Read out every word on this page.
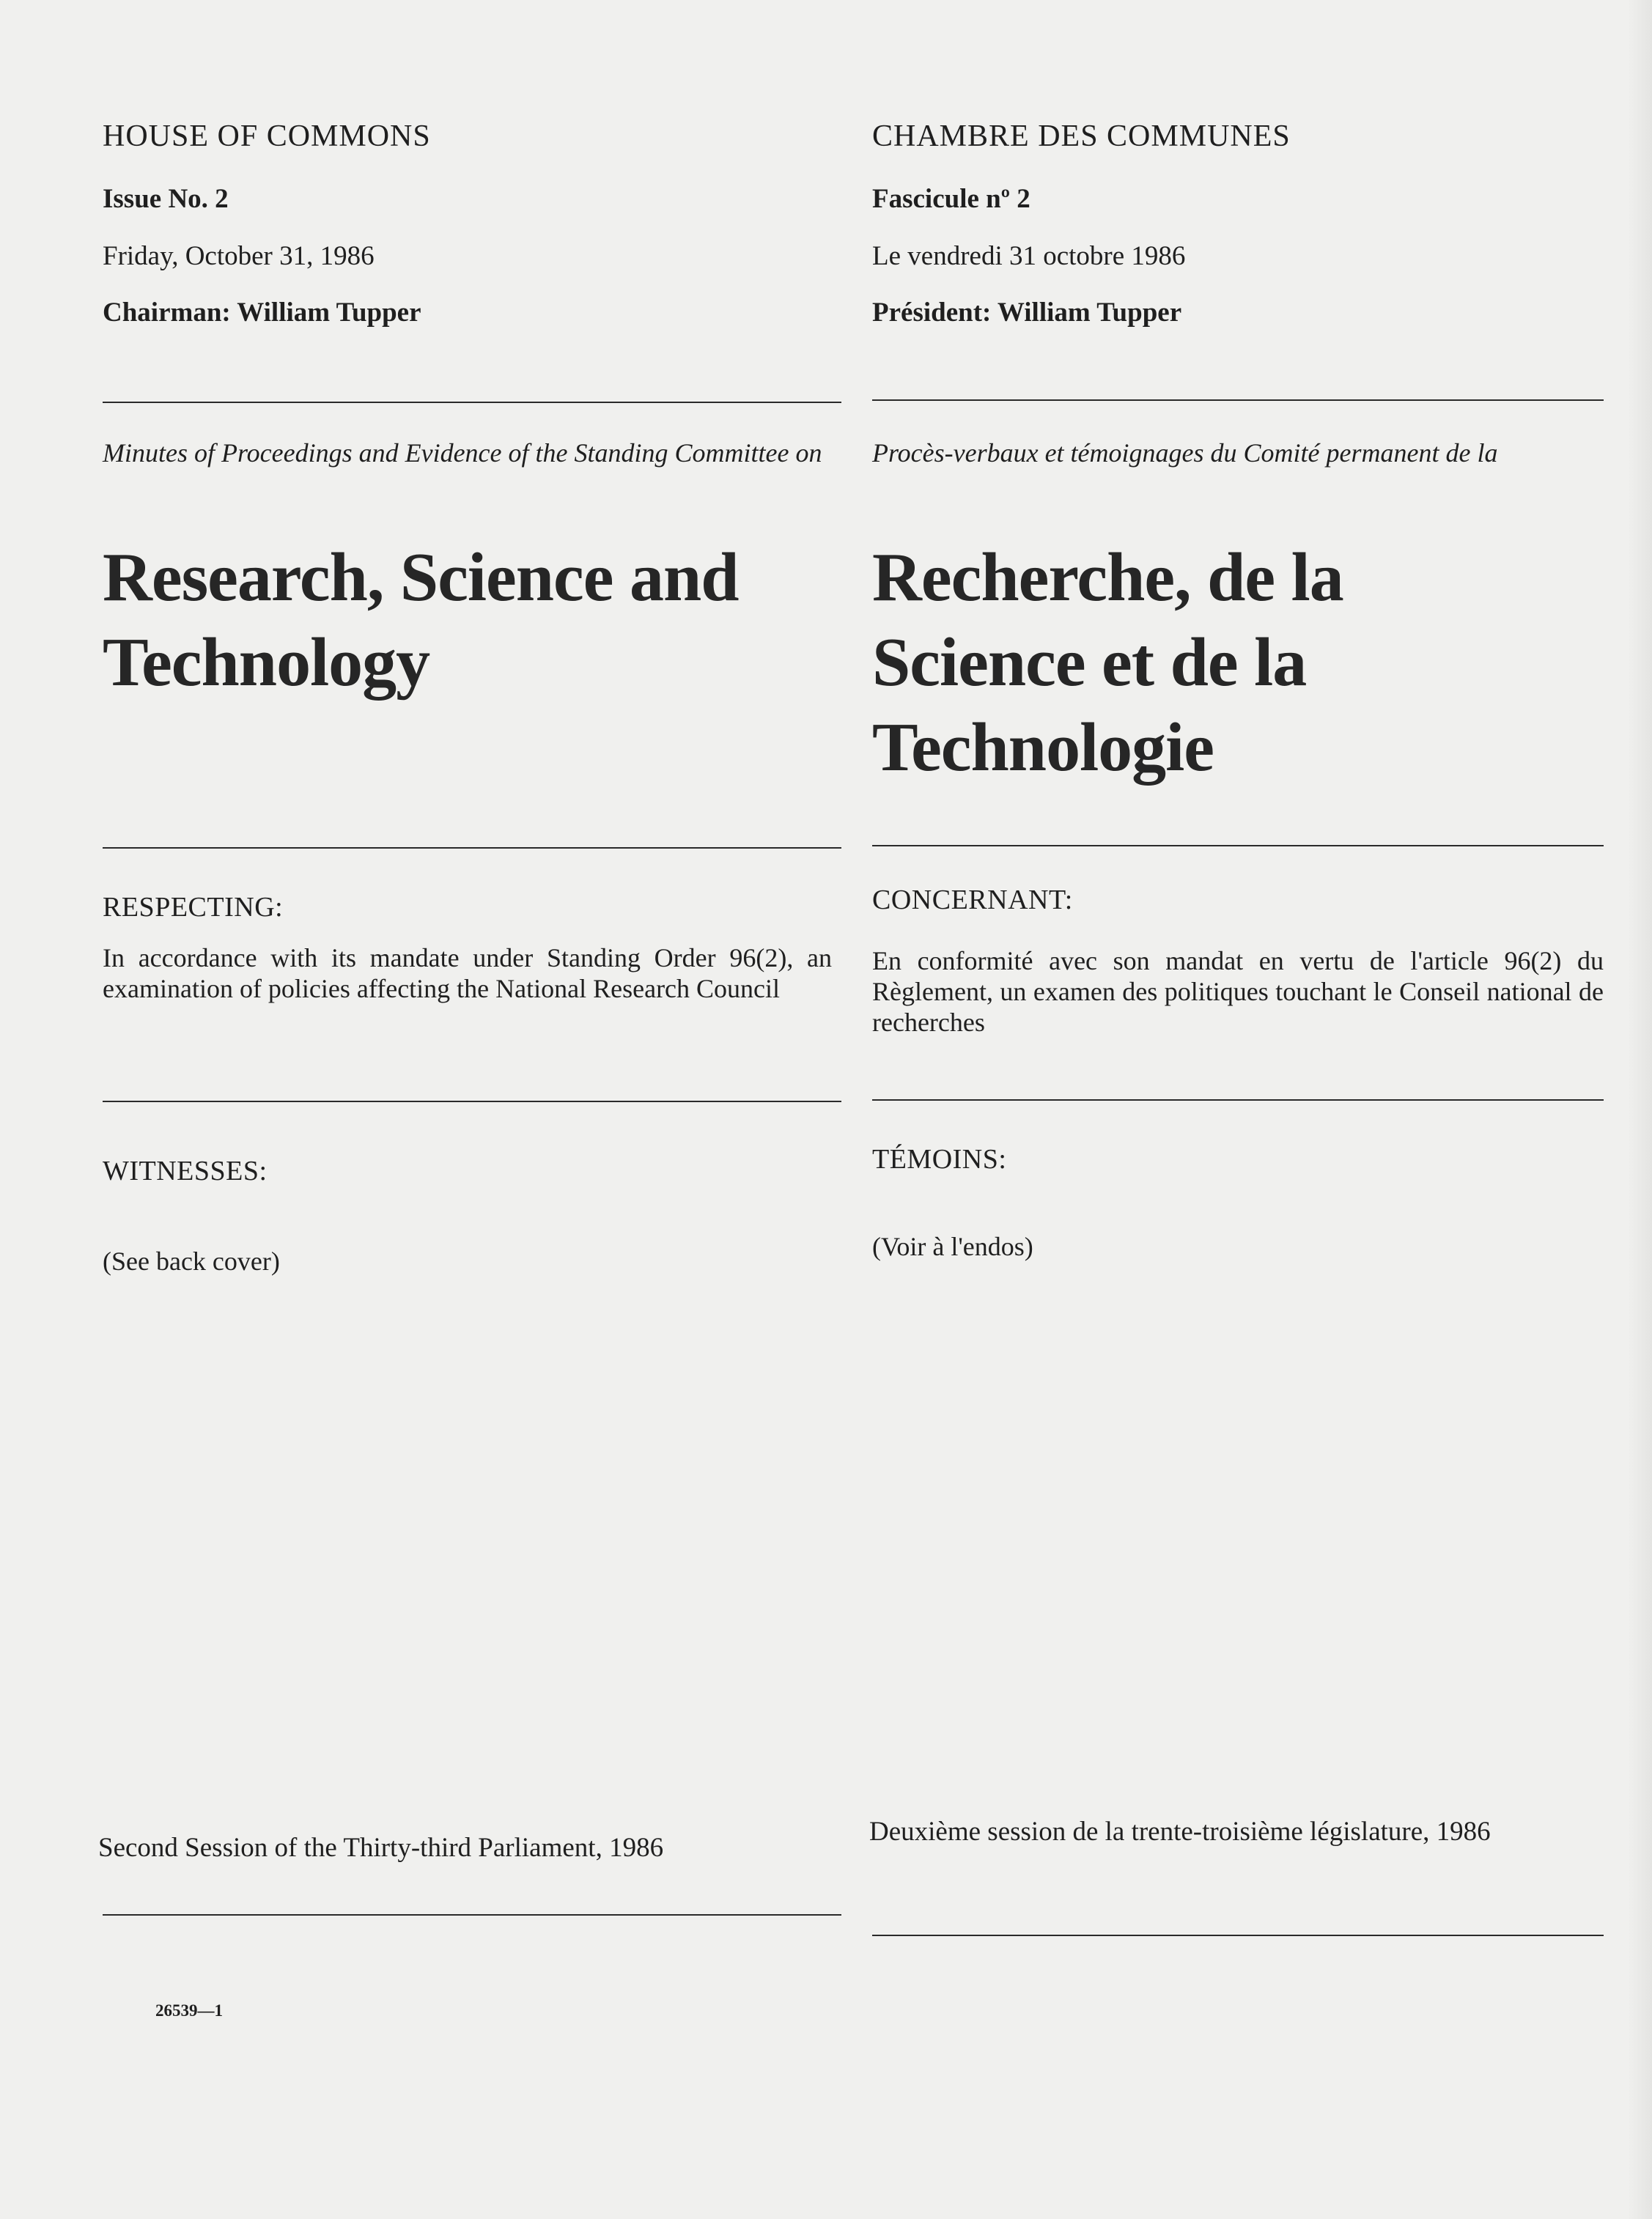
HOUSE OF COMMONS
Issue No. 2
Friday, October 31, 1986
Chairman: William Tupper
Minutes of Proceedings and Evidence of the Standing Committee on
Research, Science and
Technology
RESPECTING:
In accordance with its mandate under Standing Order 96(2), an examination of policies affecting the National Research Council
WITNESSES:
(See back cover)
Second Session of the Thirty-third Parliament, 1986
CHAMBRE DES COMMUNES
Fascicule nº 2
Le vendredi 31 octobre 1986
Président: William Tupper
Procès-verbaux et témoignages du Comité permanent de la
Recherche, de la
Science et de la
Technologie
CONCERNANT:
En conformité avec son mandat en vertu de l'article 96(2) du Règlement, un examen des politiques touchant le Conseil national de recherches
TÉMOINS:
(Voir à l'endos)
Deuxième session de la trente-troisième législature, 1986
26539—1
